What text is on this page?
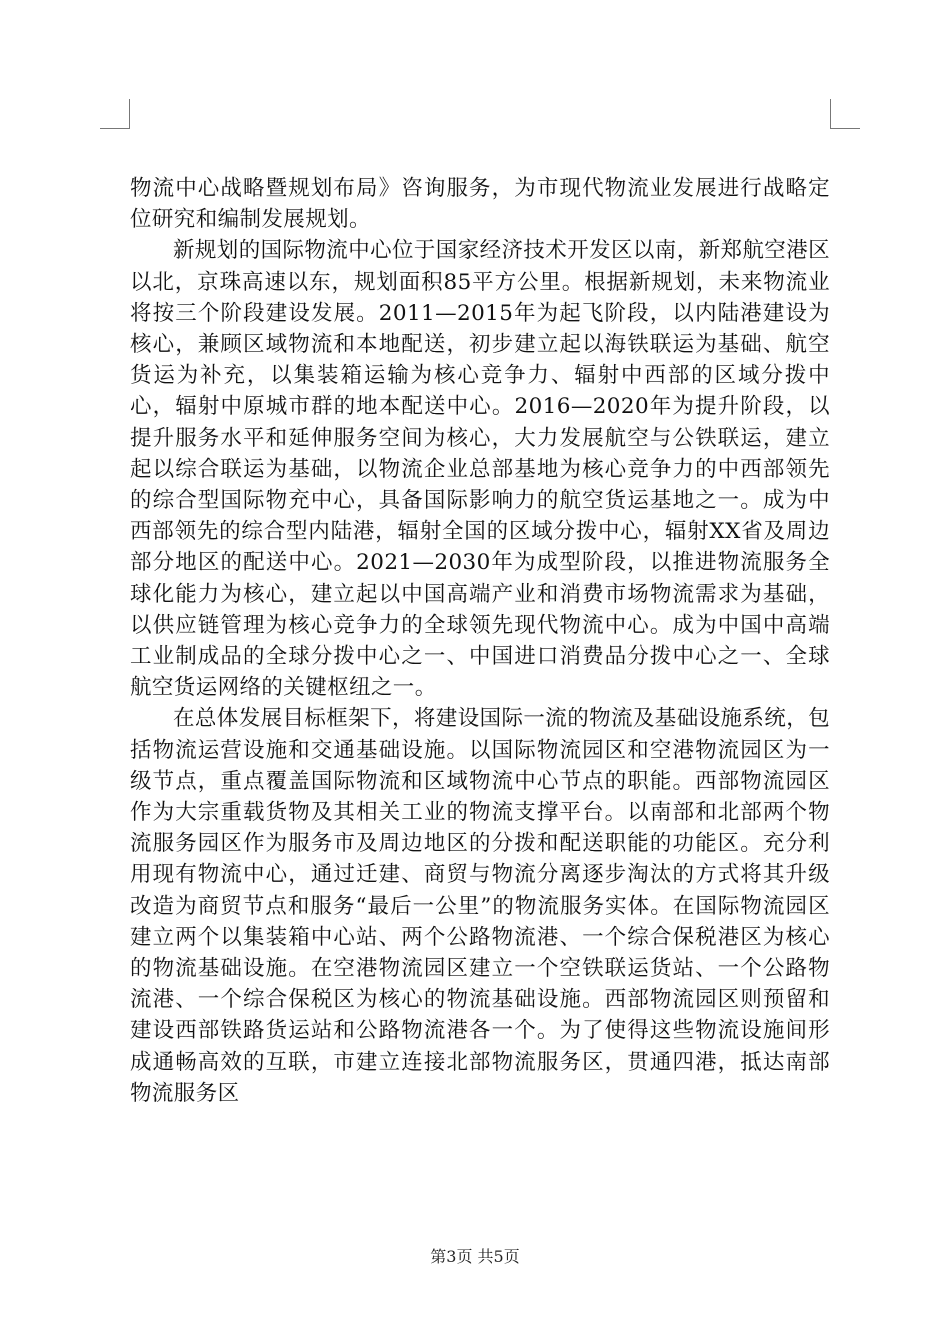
物流中心战略暨规划布局》咨询服务，为市现代物流业发展进行战略定位研究和编制发展规划。

新规划的国际物流中心位于国家经济技术开发区以南，新郑航空港区以北，京珠高速以东，规划面积85平方公里。根据新规划，未来物流业将按三个阶段建设发展。2011—2015年为起飞阶段，以内陆港建设为核心，兼顾区域物流和本地配送，初步建立起以海铁联运为基础、航空货运为补充，以集装箱运输为核心竞争力、辐射中西部的区域分拨中心，辐射中原城市群的地本配送中心。2016—2020年为提升阶段，以提升服务水平和延伸服务空间为核心，大力发展航空与公铁联运，建立起以综合联运为基础，以物流企业总部基地为核心竞争力的中西部领先的综合型国际物充中心，具备国际影响力的航空货运基地之一。成为中西部领先的综合型内陆港，辐射全国的区域分拨中心，辐射XX省及周边部分地区的配送中心。2021—2030年为成型阶段，以推进物流服务全球化能力为核心，建立起以中国高端产业和消费市场物流需求为基础，以供应链管理为核心竞争力的全球领先现代物流中心。成为中国中高端工业制成品的全球分拨中心之一、中国进口消费品分拨中心之一、全球航空货运网络的关键枢纽之一。

在总体发展目标框架下，将建设国际一流的物流及基础设施系统，包括物流运营设施和交通基础设施。以国际物流园区和空港物流园区为一级节点，重点覆盖国际物流和区域物流中心节点的职能。西部物流园区作为大宗重载货物及其相关工业的物流支撑平台。以南部和北部两个物流服务园区作为服务市及周边地区的分拨和配送职能的功能区。充分利用现有物流中心，通过迁建、商贸与物流分离逐步淘汰的方式将其升级改造为商贸节点和服务“最后一公里”的物流服务实体。在国际物流园区建立两个以集装箱中心站、两个公路物流港、一个综合保税港区为核心的物流基础设施。在空港物流园区建立一个空铁联运货站、一个公路物流港、一个综合保税区为核心的物流基础设施。西部物流园区则预留和建设西部铁路货运站和公路物流港各一个。为了使得这些物流设施间形成通畅高效的互联，市建立连接北部物流服务区，贯通四港，抵达南部物流服务区

第3页 共5页
